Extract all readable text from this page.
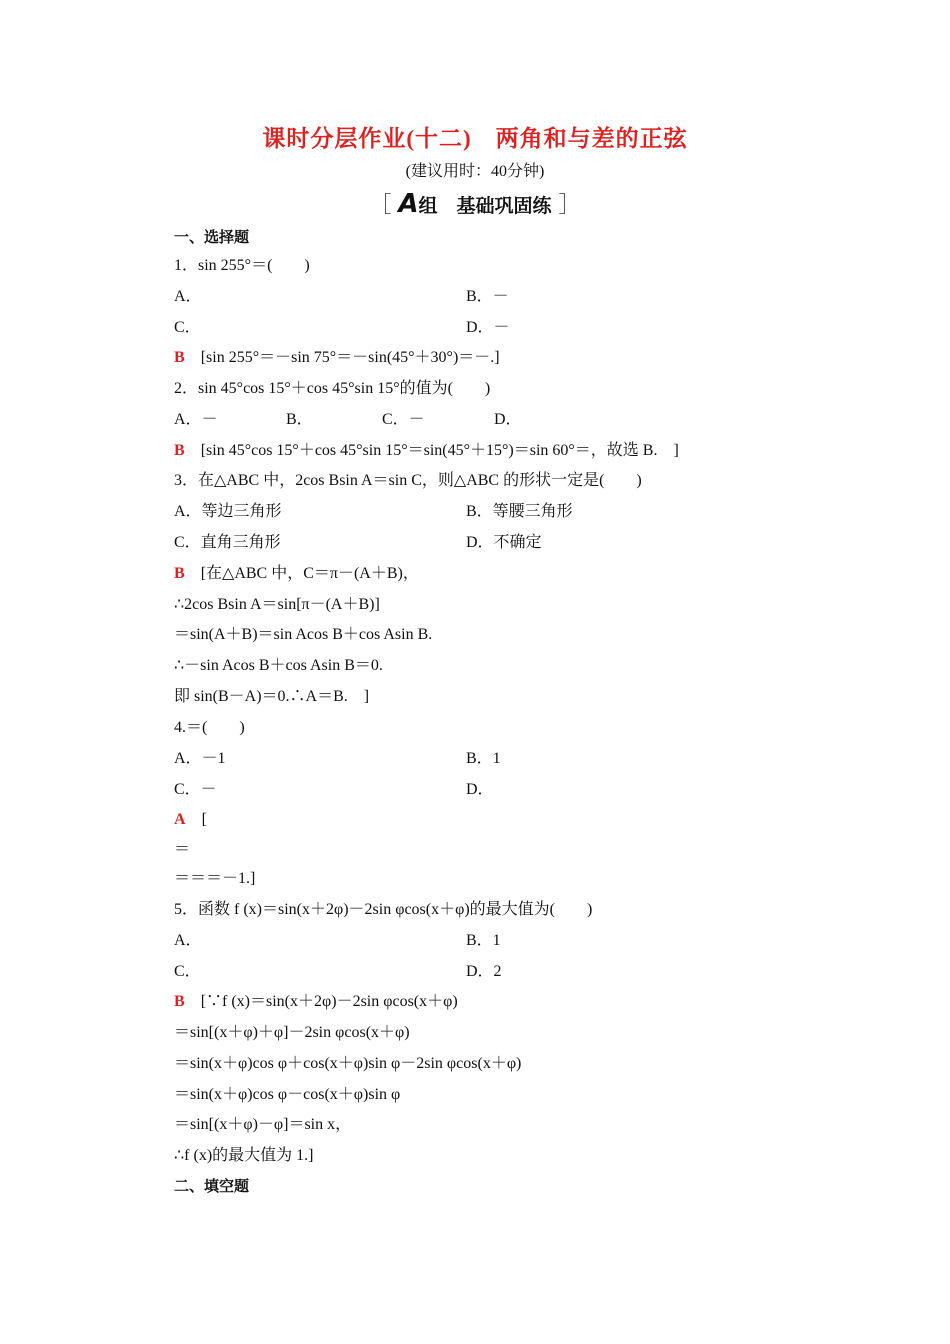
课时分层作业(十二)　两角和与差的正弦
(建议用时：40分钟)
［ A组　基础巩固练 ］
一、选择题
1．sin 255°＝(　　)
A．	B．－
C．	D．－
B　 [sin 255°＝－sin 75°＝－sin(45°＋30°)＝－.]
2．sin 45°cos 15°＋cos 45°sin 15°的值为(　　)
A．－	B．	C．－	D．
B　 [sin 45°cos 15°＋cos 45°sin 15°＝sin(45°＋15°)＝sin 60°＝，故选 B.　]
3．在△ABC 中，2cos Bsin A＝sin C，则△ABC 的形状一定是(　　)
A．等边三角形	B．等腰三角形
C．直角三角形	D．不确定
B　 [在△ABC 中，C＝π－(A＋B)，
∴2cos Bsin A＝sin[π－(A＋B)]
＝sin(A＋B)＝sin Acos B＋cos Asin B.
∴－sin Acos B＋cos Asin B＝0.
即 sin(B－A)＝0.∴A＝B.　]
4.＝(　　)
A．－1	B．1
C．－	D．
A　 [
＝
＝＝＝－1.]
5．函数 f (x)＝sin(x＋2φ)－2sin φcos(x＋φ)的最大值为(　　)
A．	B．1
C．	D．2
B　 [∵f (x)＝sin(x＋2φ)－2sin φcos(x＋φ)
＝sin[(x＋φ)＋φ]－2sin φcos(x＋φ)
＝sin(x＋φ)cos φ＋cos(x＋φ)sin φ－2sin φcos(x＋φ)
＝sin(x＋φ)cos φ－cos(x＋φ)sin φ
＝sin[(x＋φ)－φ]＝sin x，
∴f (x)的最大值为 1.]
二、填空题
